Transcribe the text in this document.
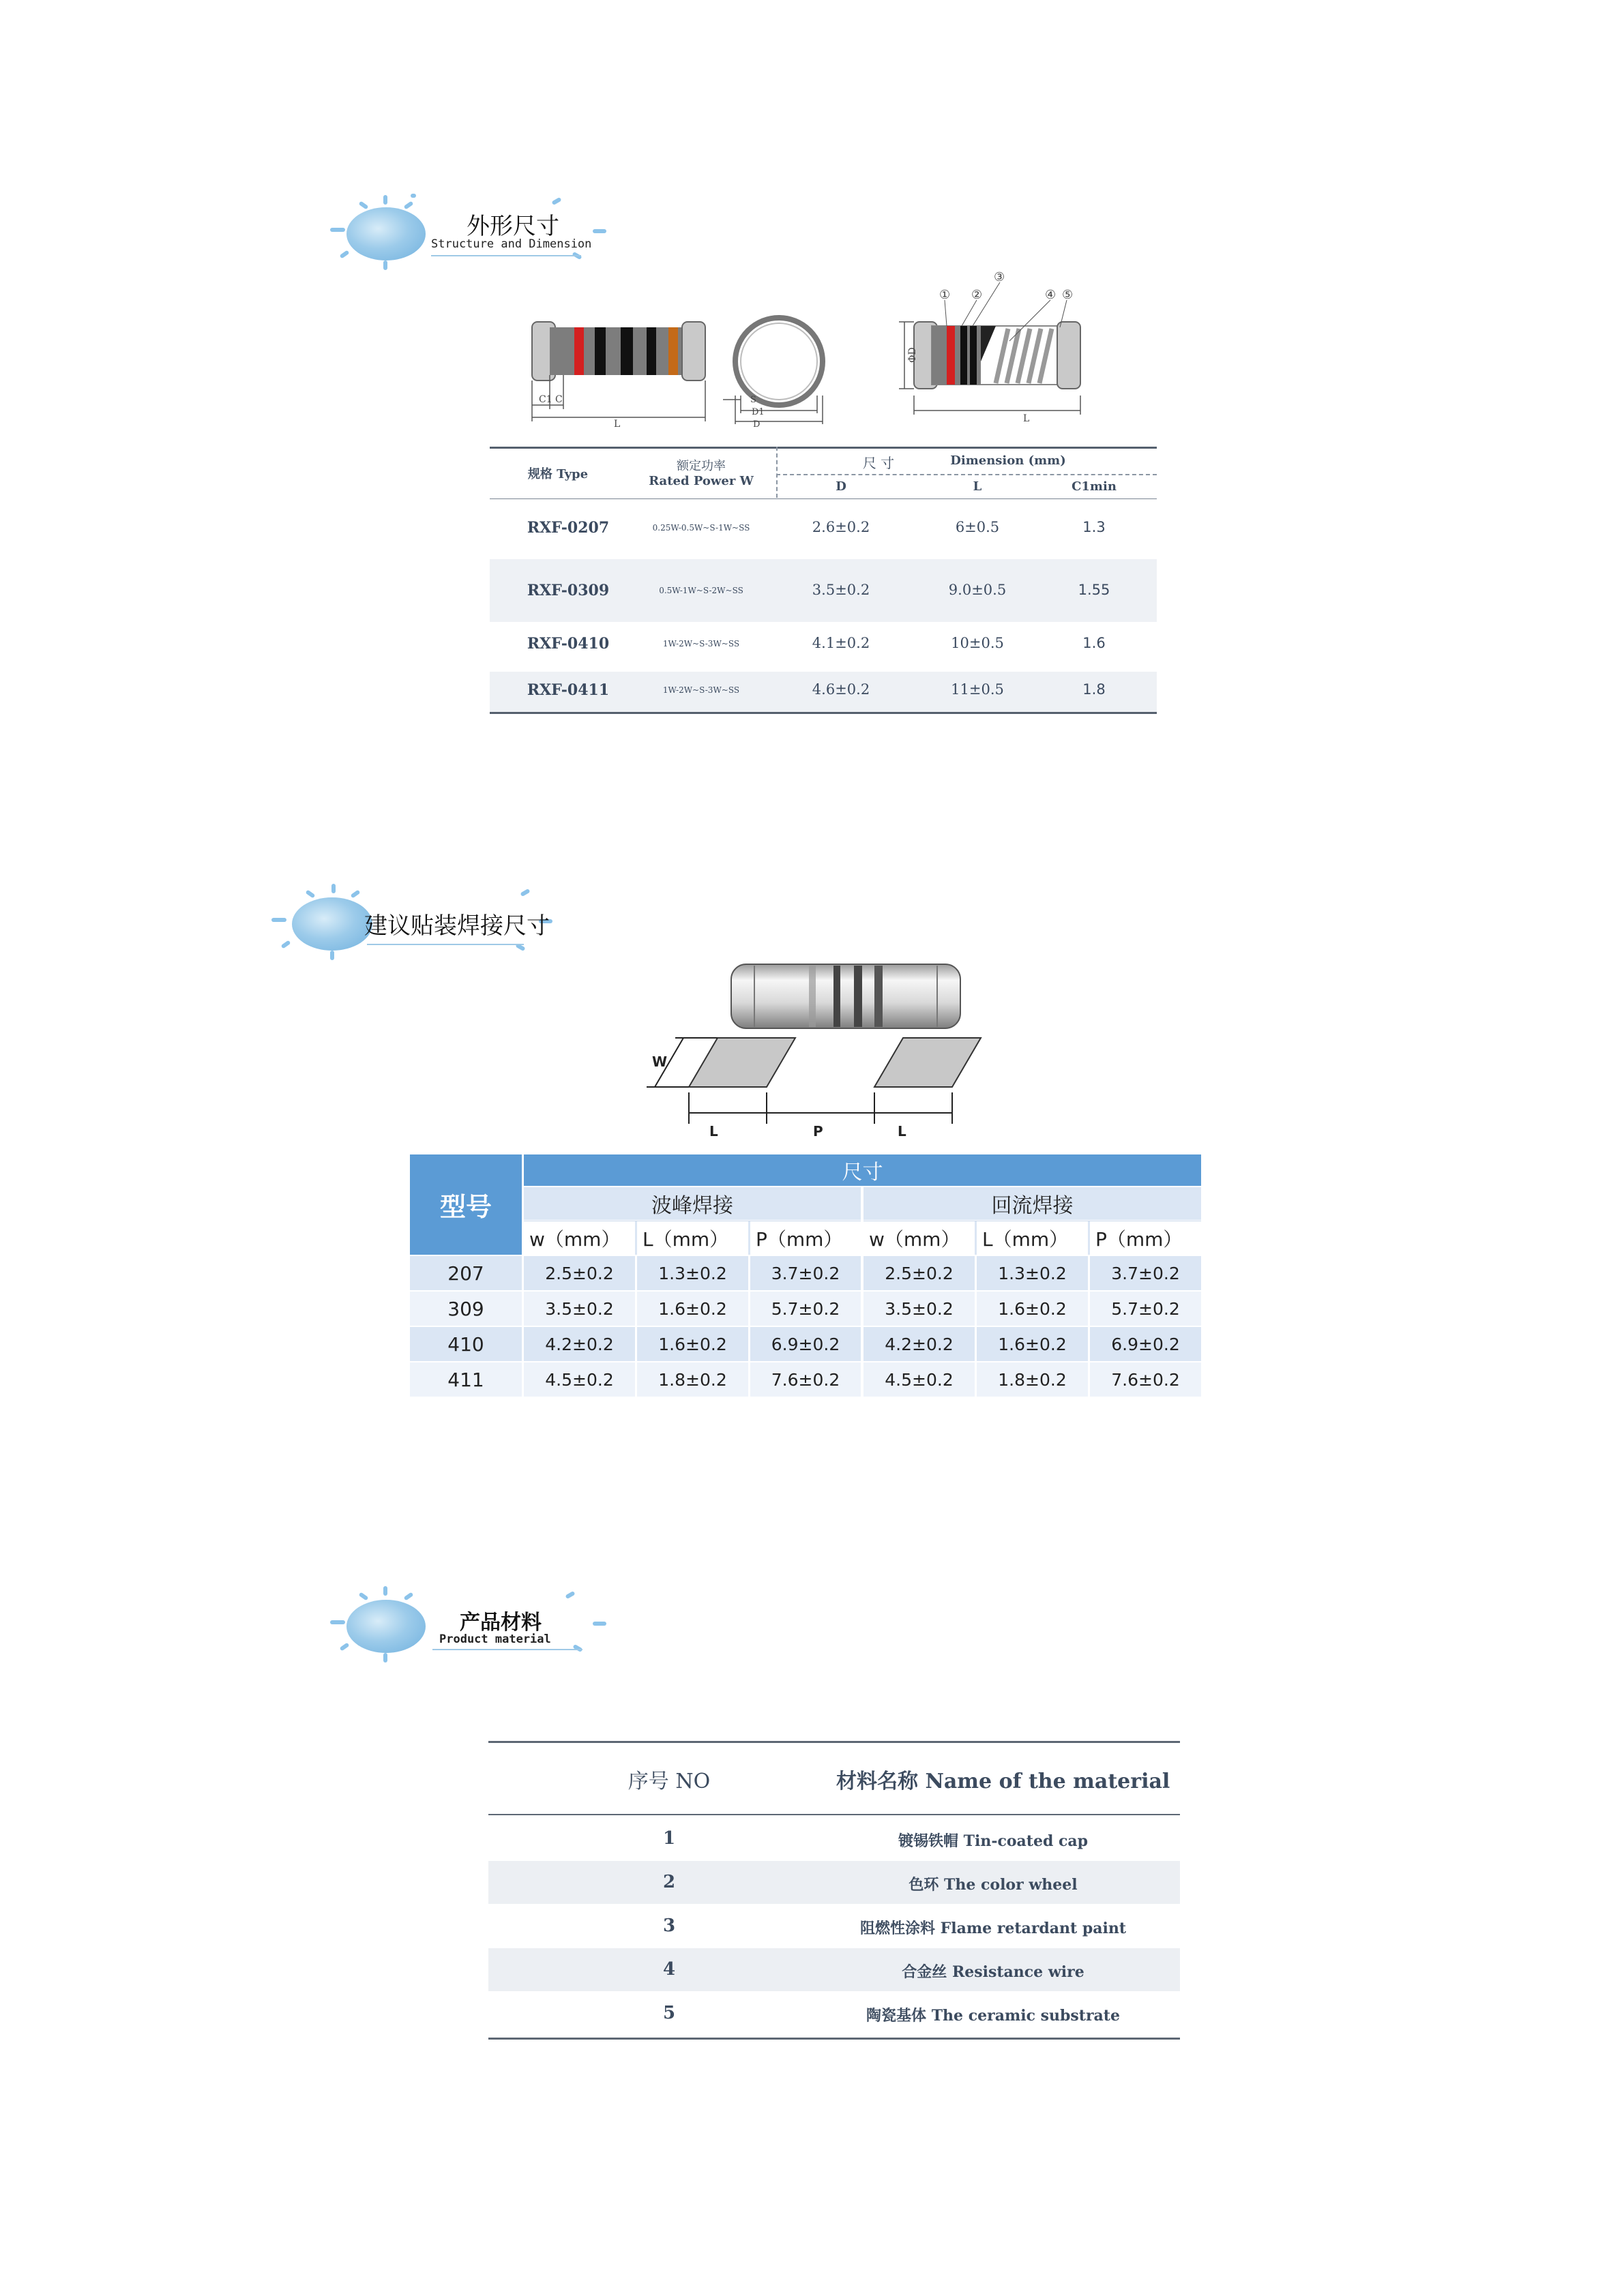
外形尺寸
Structure and Dimension
C1 C
L
S
D1
D
ΦD
L
① ②
③
④ ⑤
规格 Type
额定功率
Rated Power W
尺 寸	Dimension (mm)
D	L	C1min
RXF-0207	0.25W-0.5W~S-1W~SS	2.6±0.2	6±0.5	1.3
RXF-0309	0.5W-1W~S-2W~SS	3.5±0.2	9.0±0.5	1.55
RXF-0410	1W-2W~S-3W~SS	4.1±0.2	10±0.5	1.6
RXF-0411	1W-2W~S-3W~SS	4.6±0.2	11±0.5	1.8
建议贴装焊接尺寸
W
L	P	L
型号
尺寸
波峰焊接	回流焊接
w（mm）	L（mm）	P（mm）	w（mm）	L（mm）	P（mm）
207	2.5±0.2	1.3±0.2	3.7±0.2	2.5±0.2	1.3±0.2	3.7±0.2
309	3.5±0.2	1.6±0.2	5.7±0.2	3.5±0.2	1.6±0.2	5.7±0.2
410	4.2±0.2	1.6±0.2	6.9±0.2	4.2±0.2	1.6±0.2	6.9±0.2
411	4.5±0.2	1.8±0.2	7.6±0.2	4.5±0.2	1.8±0.2	7.6±0.2
产品材料
Product material
序号 NO	材料名称 Name of the material
1	镀锡铁帽 Tin-coated cap
2	色环 The color wheel
3	阻燃性涂料 Flame retardant paint
4	合金丝 Resistance wire
5	陶瓷基体 The ceramic substrate
